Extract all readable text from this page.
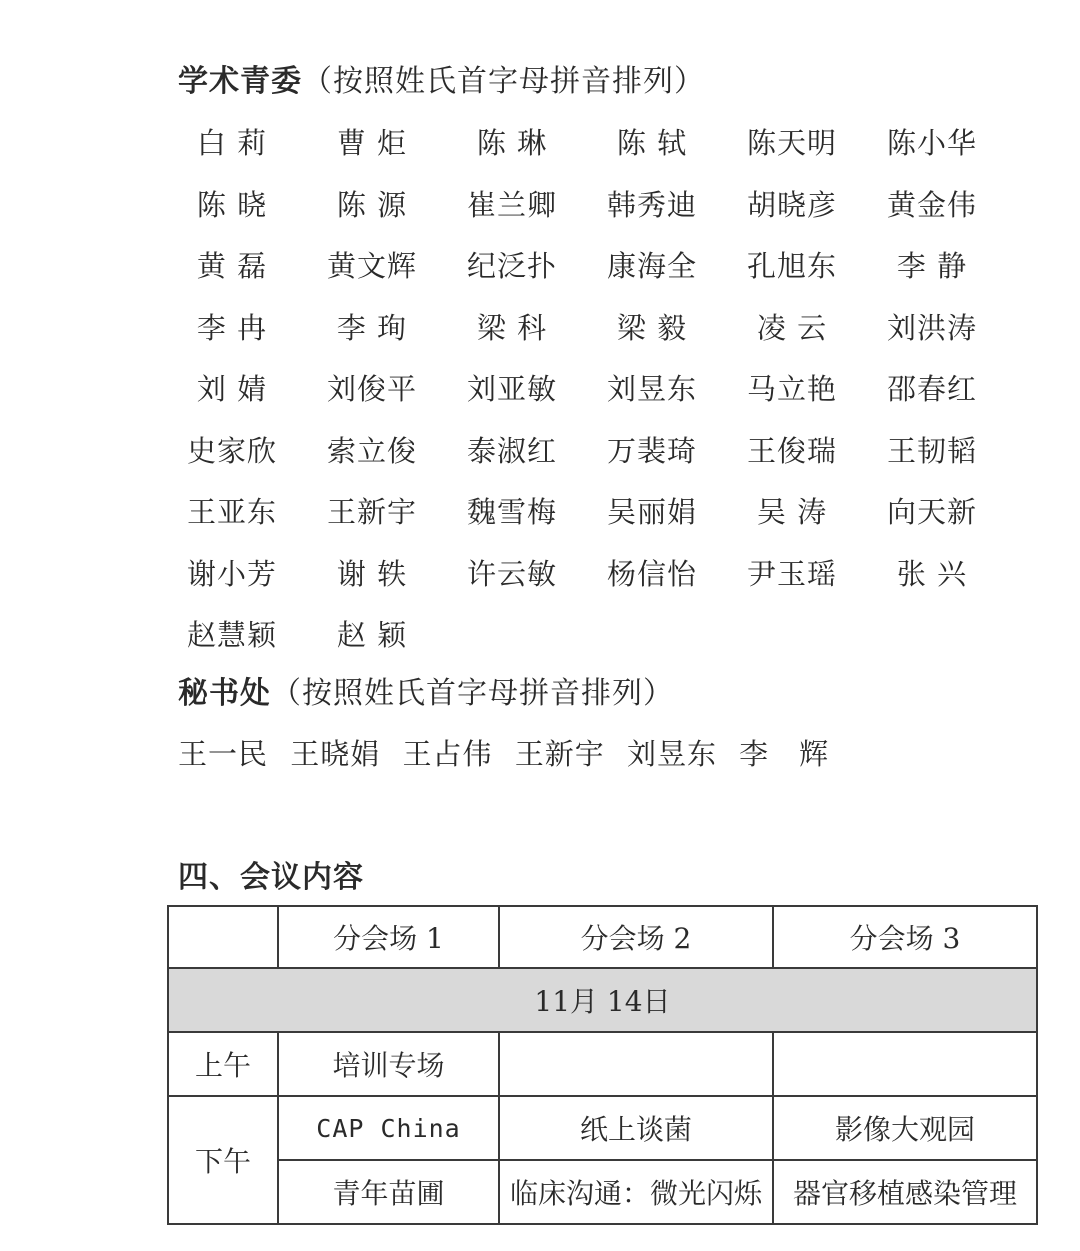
学术青委（按照姓氏首字母拼音排列）
白 莉	曹 炬	陈 琳	陈 轼	陈天明	陈小华
陈 晓	陈 源	崔兰卿	韩秀迪	胡晓彦	黄金伟
黄 磊	黄文辉	纪泛扑	康海全	孔旭东	李 静
李 冉	李 珣	梁 科	梁 毅	凌 云	刘洪涛
刘 婧	刘俊平	刘亚敏	刘昱东	马立艳	邵春红
史家欣	索立俊	泰淑红	万裴琦	王俊瑞	王韧韬
王亚东	王新宇	魏雪梅	吴丽娟	吴 涛	向天新
谢小芳	谢 轶	许云敏	杨信怡	尹玉瑶	张 兴
赵慧颖	赵 颖
秘书处（按照姓氏首字母拼音排列）
王一民 王晓娟 王占伟 王新宇 刘昱东 李　辉
四、会议内容
	分会场 1	分会场 2	分会场 3
11月 14日			
上午	培训专场		
下午	CAP China	纸上谈菌	影像大观园
	青年苗圃	临床沟通：微光闪烁	器官移植感染管理
